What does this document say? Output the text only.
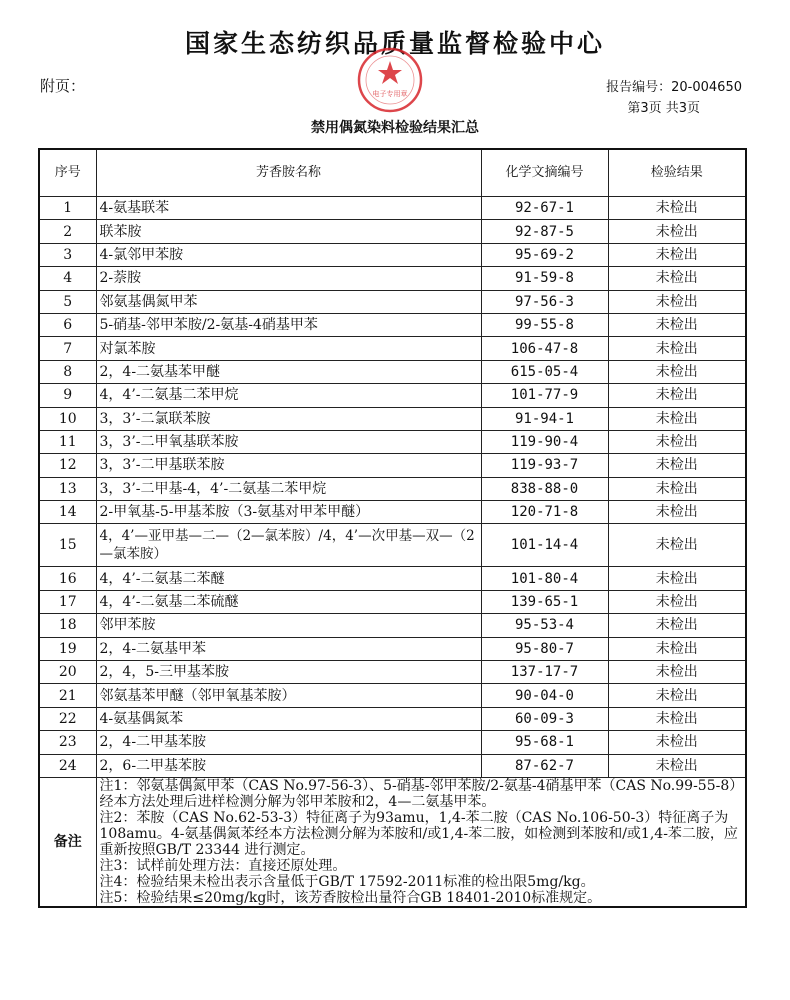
国家生态纺织品质量监督检验中心
电子专用章
附页：	报告编号：20-004650
第3页 共3页
禁用偶氮染料检验结果汇总
序号	芳香胺名称	化学文摘编号	检验结果
1	4-氨基联苯	92-67-1	未检出
2	联苯胺	92-87-5	未检出
3	4-氯邻甲苯胺	95-69-2	未检出
4	2-萘胺	91-59-8	未检出
5	邻氨基偶氮甲苯	97-56-3	未检出
6	5-硝基-邻甲苯胺/2-氨基-4硝基甲苯	99-55-8	未检出
7	对氯苯胺	106-47-8	未检出
8	2，4-二氨基苯甲醚	615-05-4	未检出
9	4，4’-二氨基二苯甲烷	101-77-9	未检出
10	3，3’-二氯联苯胺	91-94-1	未检出
11	3，3’-二甲氧基联苯胺	119-90-4	未检出
12	3，3’-二甲基联苯胺	119-93-7	未检出
13	3，3’-二甲基-4，4’-二氨基二苯甲烷	838-88-0	未检出
14	2-甲氧基-5-甲基苯胺（3-氨基对甲苯甲醚）	120-71-8	未检出
15	4，4’—亚甲基—二—（2—氯苯胺）/4，4’—次甲基—双—（2—氯苯胺）	101-14-4	未检出
16	4，4’-二氨基二苯醚	101-80-4	未检出
17	4，4’-二氨基二苯硫醚	139-65-1	未检出
18	邻甲苯胺	95-53-4	未检出
19	2，4-二氨基甲苯	95-80-7	未检出
20	2，4，5-三甲基苯胺	137-17-7	未检出
21	邻氨基苯甲醚（邻甲氧基苯胺）	90-04-0	未检出
22	4-氨基偶氮苯	60-09-3	未检出
23	2，4-二甲基苯胺	95-68-1	未检出
24	2，6-二甲基苯胺	87-62-7	未检出
备注	注1：邻氨基偶氮甲苯（CAS No.97-56-3）、5-硝基-邻甲苯胺/2-氨基-4硝基甲苯（CAS No.99-55-8）经本方法处理后进样检测分解为邻甲苯胺和2，4—二氨基甲苯。

注2：苯胺（CAS No.62-53-3）特征离子为93amu，1,4-苯二胺（CAS No.106-50-3）特征离子为108amu。4-氨基偶氮苯经本方法检测分解为苯胺和/或1,4-苯二胺，如检测到苯胺和/或1,4-苯二胺，应重新按照GB/T 23344 进行测定。

注3：试样前处理方法：直接还原处理。

注4：检验结果未检出表示含量低于GB/T 17592-2011标准的检出限5mg/kg。

注5：检验结果≤20mg/kg时，该芳香胺检出量符合GB 18401-2010标准规定。		
